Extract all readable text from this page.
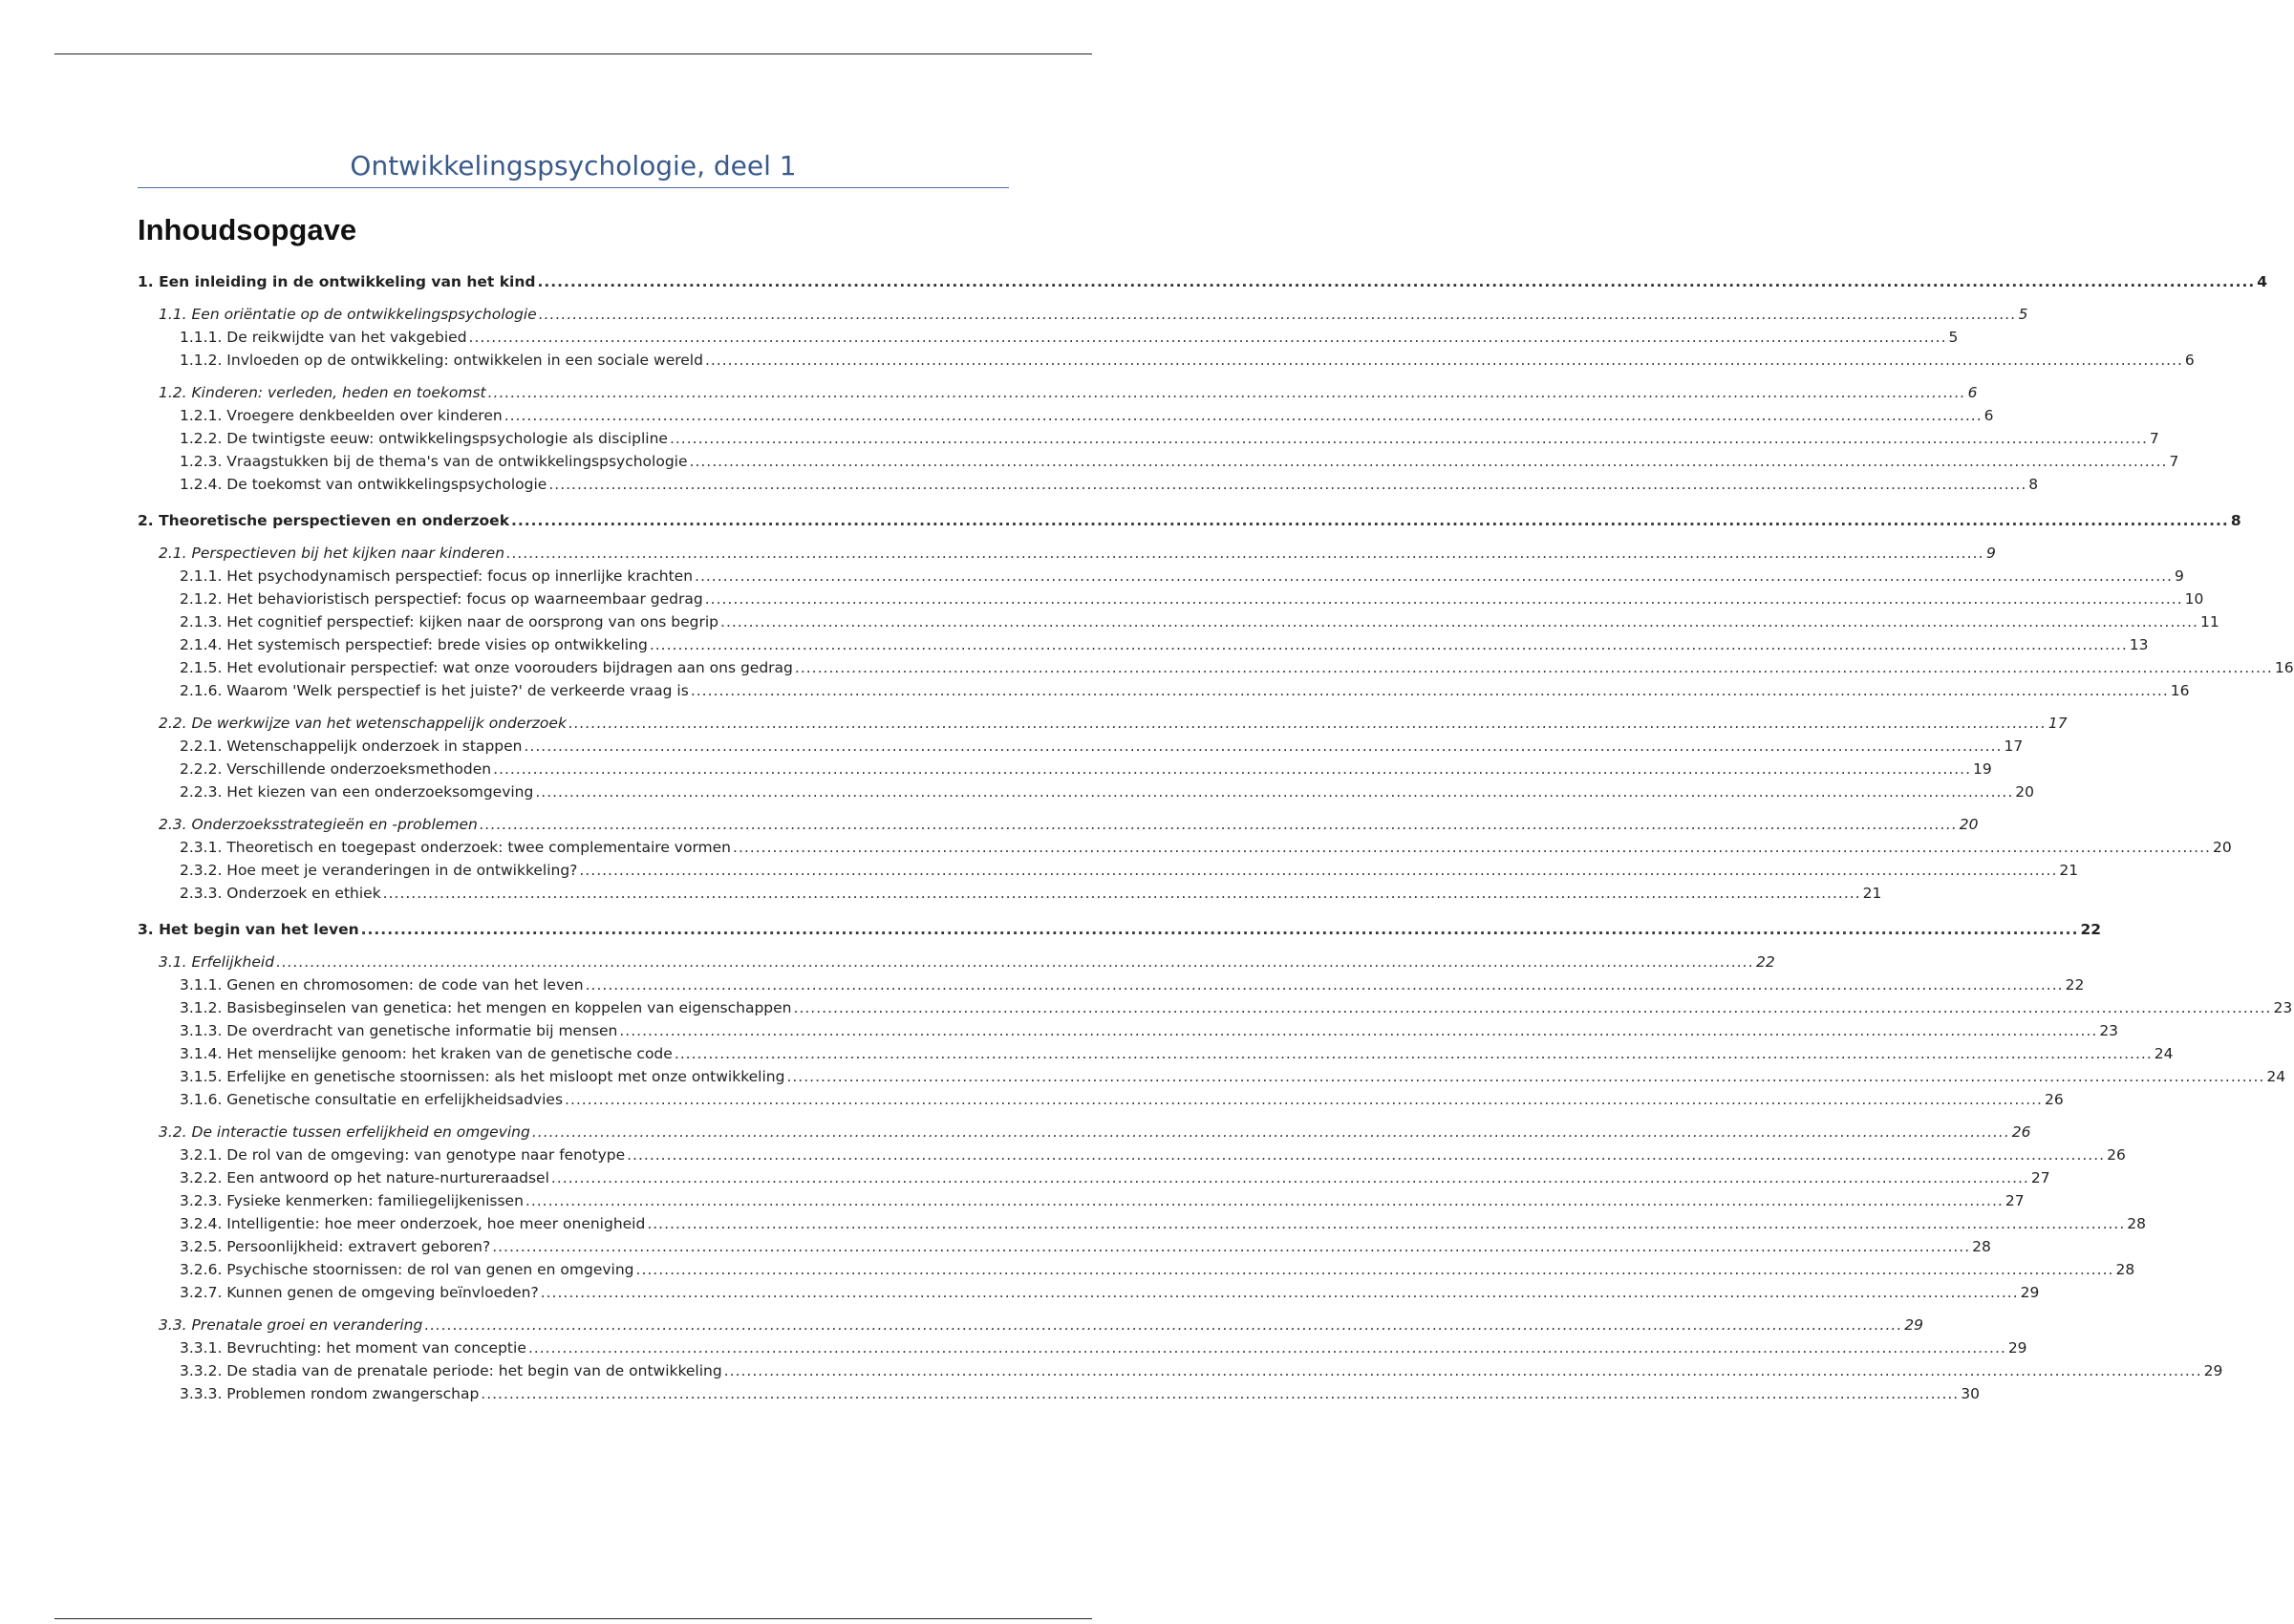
Ontwikkelingspsychologie, deel 1
Inhoudsopgave
1. Een inleiding in de ontwikkeling van het kind .....	4
1.1. Een oriëntatie op de ontwikkelingspsychologie .....	5
1.1.1. De reikwijdte van het vakgebied .....	5
1.1.2. Invloeden op de ontwikkeling: ontwikkelen in een sociale wereld .....	6
1.2. Kinderen: verleden, heden en toekomst .....	6
1.2.1. Vroegere denkbeelden over kinderen .....	6
1.2.2. De twintigste eeuw: ontwikkelingspsychologie als discipline .....	7
1.2.3. Vraagstukken bij de thema's van de ontwikkelingspsychologie .....	7
1.2.4. De toekomst van ontwikkelingspsychologie .....	8
2. Theoretische perspectieven en onderzoek .....	8
2.1. Perspectieven bij het kijken naar kinderen .....	9
2.1.1. Het psychodynamisch perspectief: focus op innerlijke krachten .....	9
2.1.2. Het behavioristisch perspectief: focus op waarneembaar gedrag .....	10
2.1.3. Het cognitief perspectief: kijken naar de oorsprong van ons begrip .....	11
2.1.4. Het systemisch perspectief: brede visies op ontwikkeling .....	13
2.1.5. Het evolutionair perspectief: wat onze voorouders bijdragen aan ons gedrag .....	16
2.1.6. Waarom 'Welk perspectief is het juiste?' de verkeerde vraag is .....	16
2.2. De werkwijze van het wetenschappelijk onderzoek .....	17
2.2.1. Wetenschappelijk onderzoek in stappen .....	17
2.2.2. Verschillende onderzoeksmethoden .....	19
2.2.3. Het kiezen van een onderzoeksomgeving .....	20
2.3. Onderzoeksstrategieën en -problemen .....	20
2.3.1. Theoretisch en toegepast onderzoek: twee complementaire vormen .....	20
2.3.2. Hoe meet je veranderingen in de ontwikkeling? .....	21
2.3.3. Onderzoek en ethiek .....	21
3. Het begin van het leven .....	22
3.1. Erfelijkheid .....	22
3.1.1. Genen en chromosomen: de code van het leven .....	22
3.1.2. Basisbeginselen van genetica: het mengen en koppelen van eigenschappen .....	23
3.1.3. De overdracht van genetische informatie bij mensen .....	23
3.1.4. Het menselijke genoom: het kraken van de genetische code .....	24
3.1.5. Erfelijke en genetische stoornissen: als het misloopt met onze ontwikkeling .....	24
3.1.6. Genetische consultatie en erfelijkheidsadvies .....	26
3.2. De interactie tussen erfelijkheid en omgeving .....	26
3.2.1. De rol van de omgeving: van genotype naar fenotype .....	26
3.2.2. Een antwoord op het nature-nurtureraadsel .....	27
3.2.3. Fysieke kenmerken: familiegelijkenissen .....	27
3.2.4. Intelligentie: hoe meer onderzoek, hoe meer onenigheid .....	28
3.2.5. Persoonlijkheid: extravert geboren? .....	28
3.2.6. Psychische stoornissen: de rol van genen en omgeving .....	28
3.2.7. Kunnen genen de omgeving beïnvloeden? .....	29
3.3. Prenatale groei en verandering .....	29
3.3.1. Bevruchting: het moment van conceptie .....	29
3.3.2. De stadia van de prenatale periode: het begin van de ontwikkeling .....	29
3.3.3. Problemen rondom zwangerschap .....	30
